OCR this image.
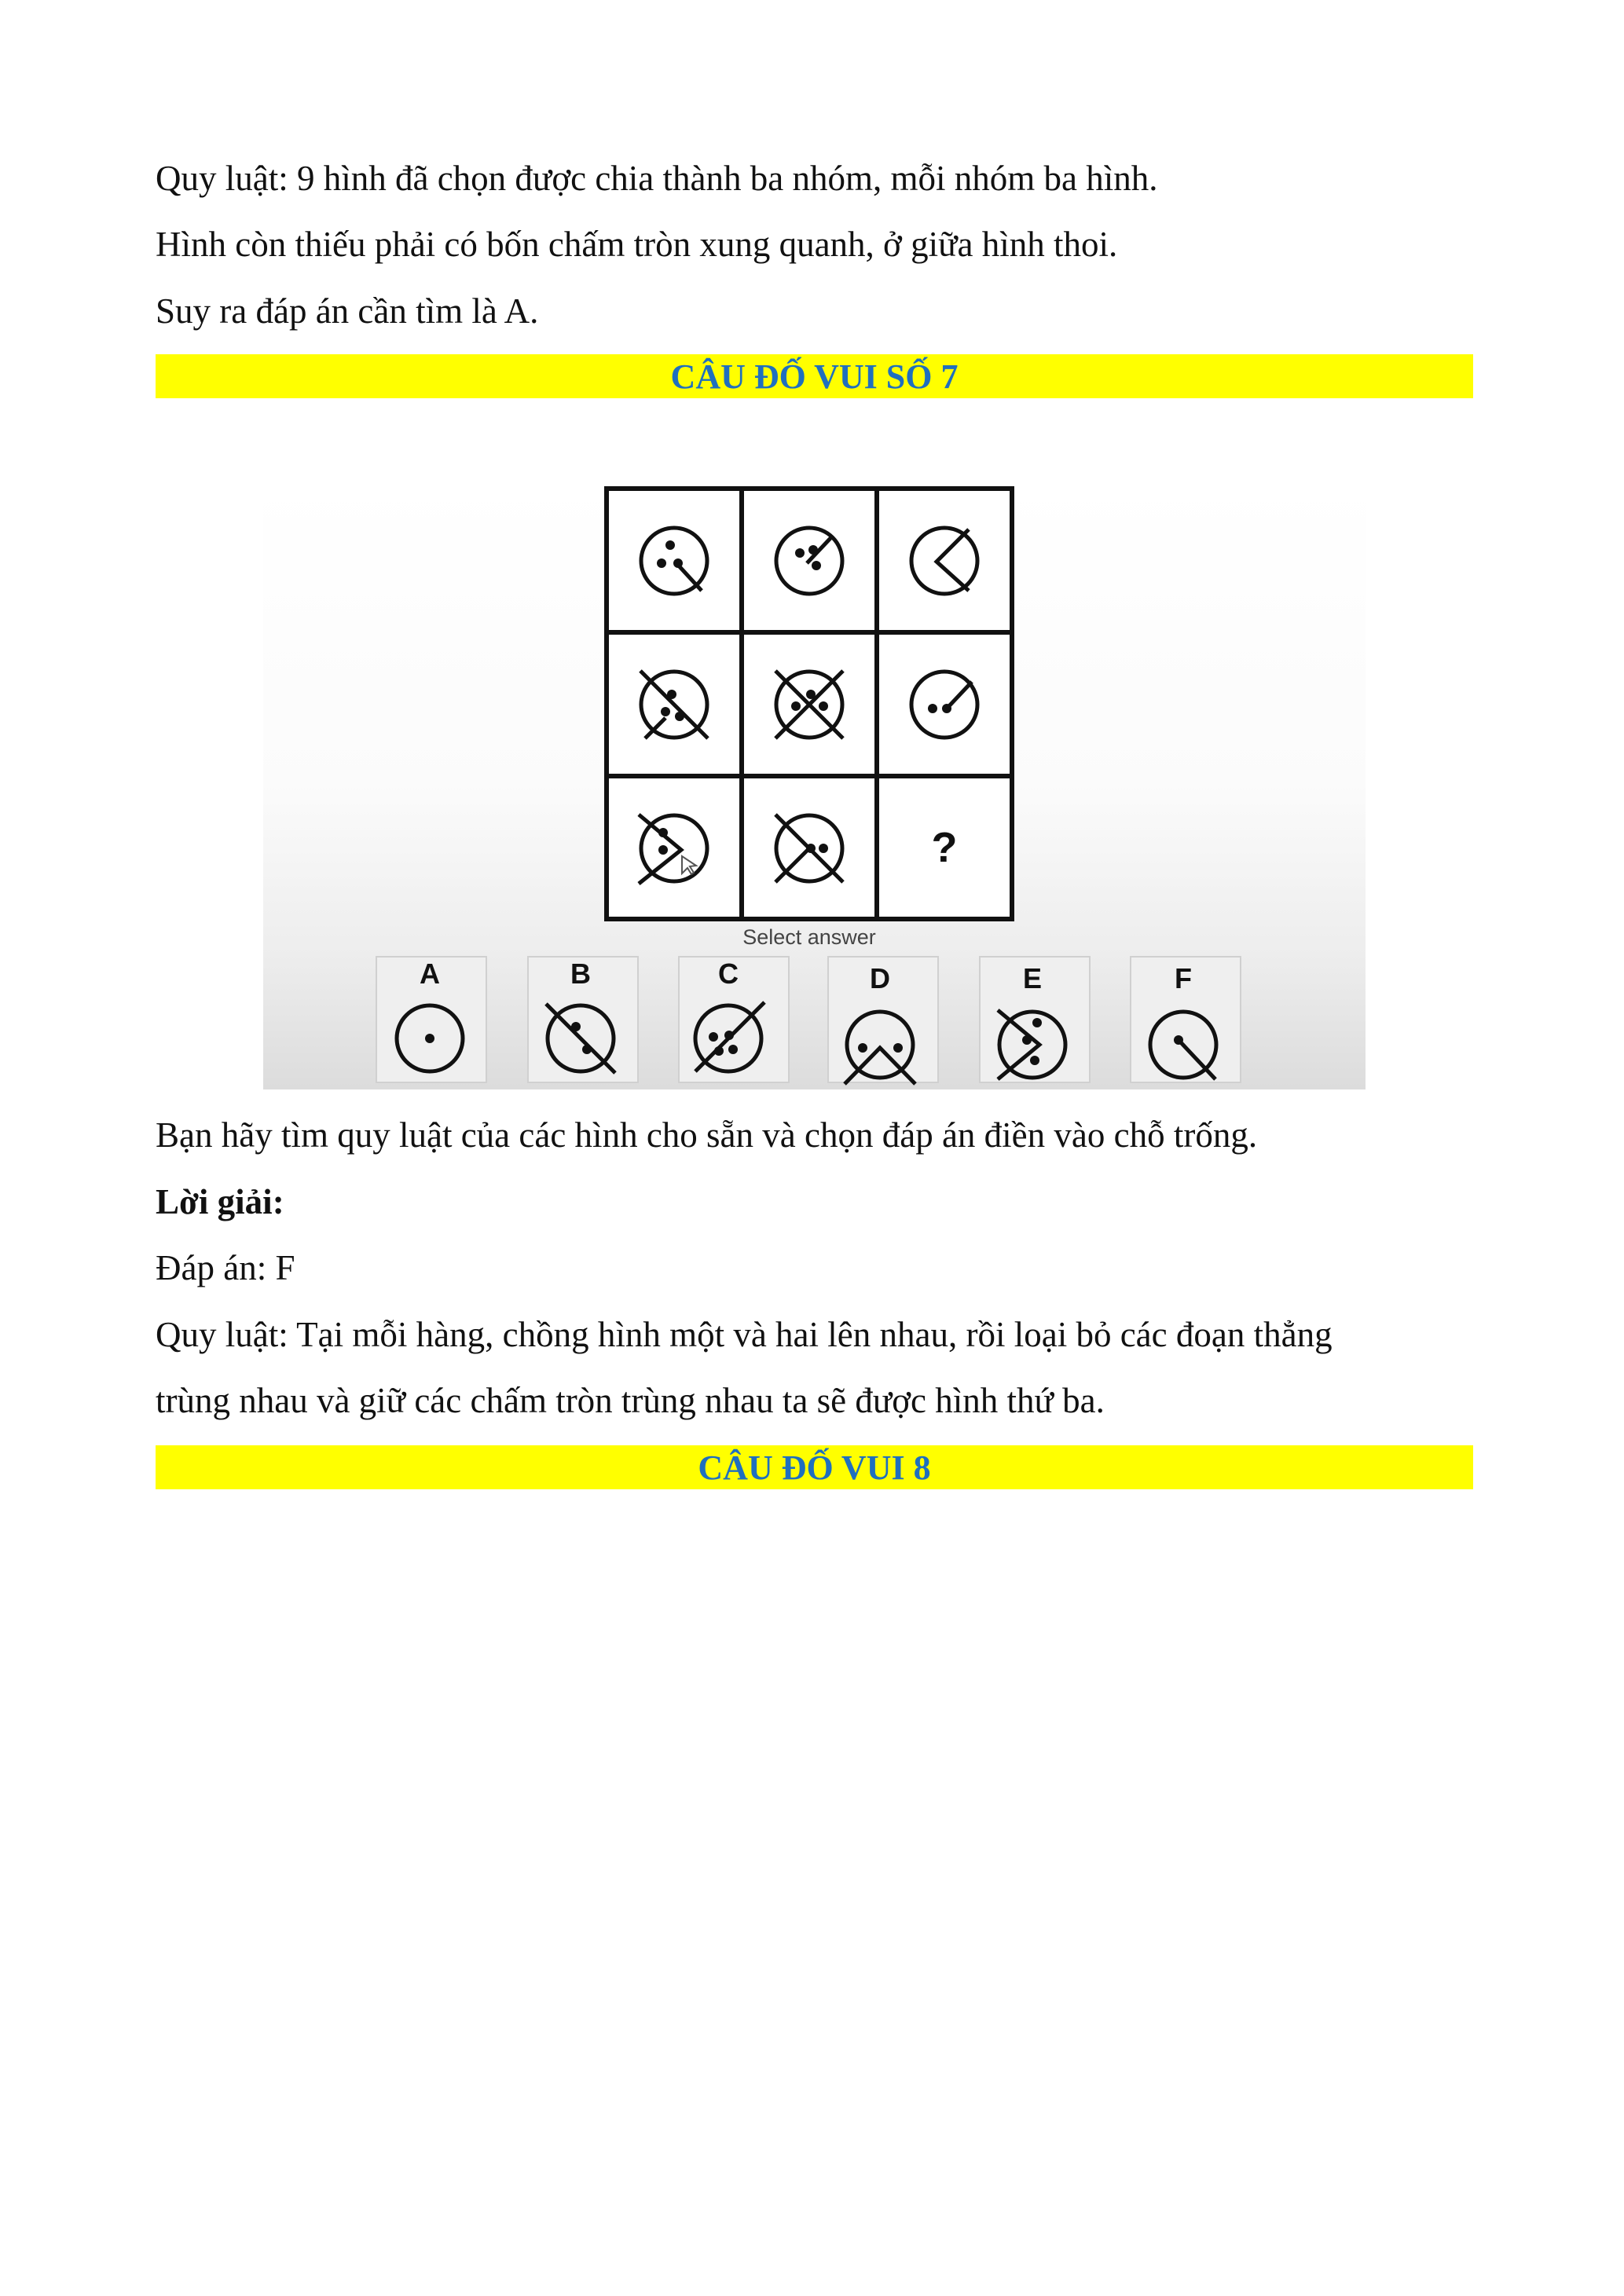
Quy luật: 9 hình đã chọn được chia thành ba nhóm, mỗi nhóm ba hình.
Hình còn thiếu phải có bốn chấm tròn xung quanh, ở giữa hình thoi.
Suy ra đáp án cần tìm là A.
CÂU ĐỐ VUI SỐ 7
?
Select answer
A	B	C	D	E	F
Bạn hãy tìm quy luật của các hình cho sẵn và chọn đáp án điền vào chỗ trống.
Lời giải:
Đáp án: F
Quy luật: Tại mỗi hàng, chồng hình một và hai lên nhau, rồi loại bỏ các đoạn thẳng
trùng nhau và giữ các chấm tròn trùng nhau ta sẽ được hình thứ ba.
CÂU ĐỐ VUI 8
